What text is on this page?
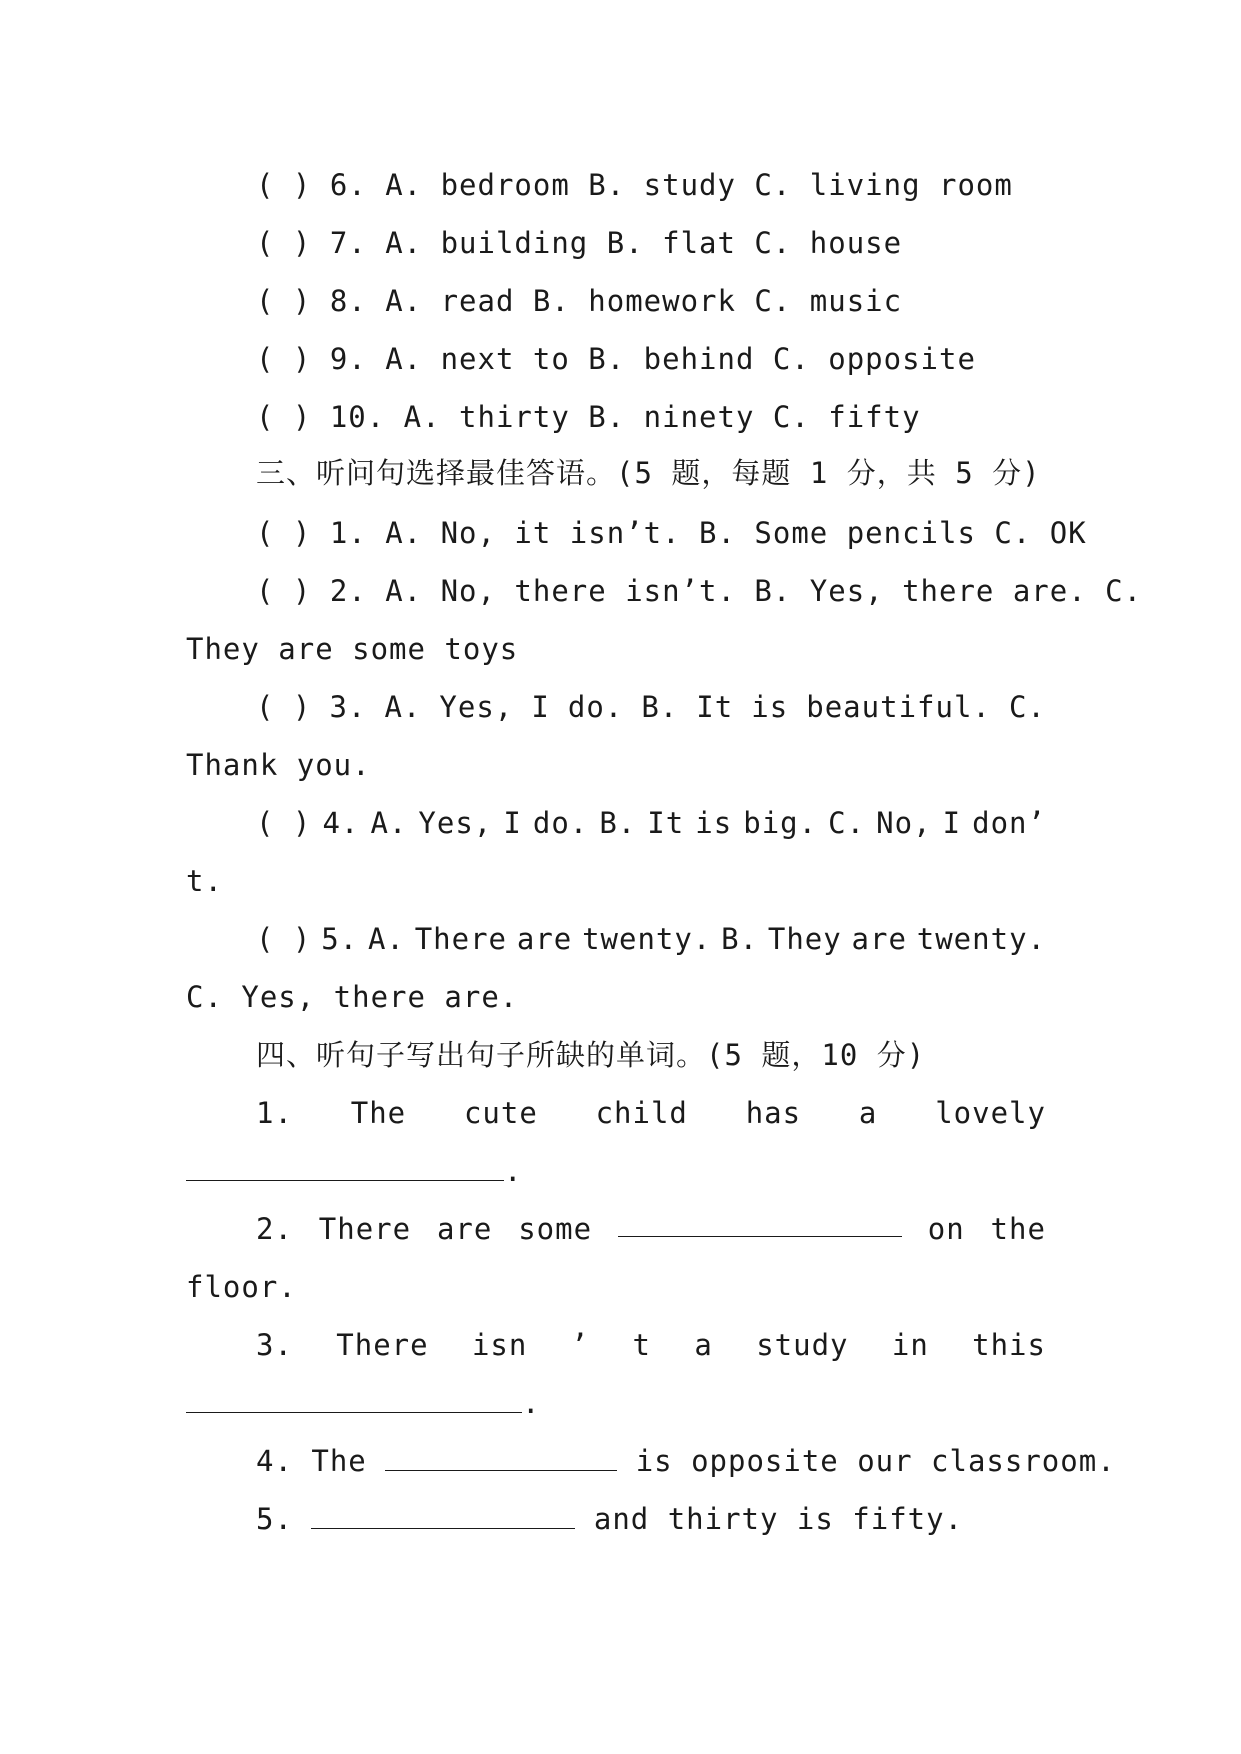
( ) 6. A. bedroom B. study C. living room
( ) 7. A. building B. flat C. house
( ) 8. A. read B. homework C. music
( ) 9. A. next to B. behind C. opposite
( ) 10. A. thirty B. ninety C. fifty
三、听问句选择最佳答语。(5 题，每题 1 分，共 5 分)
( ) 1. A. No, it isn’t. B. Some pencils C. OK
( ) 2. A. No, there isn’t. B. Yes, there are. C.
They are some toys
( ) 3. A. Yes, I do. B. It is beautiful. C.
Thank you.
( ) 4. A. Yes, I do. B. It is big. C. No, I don’
t.
( ) 5. A. There are twenty. B. They are twenty.
C. Yes, there are.
四、听句子写出句子所缺的单词。(5 题，10 分)
1. The cute child has a lovely
.
2. There are some	on the
floor.
3. There isn ’ t a study in this
.
4. The	is opposite our classroom.
5.	and thirty is fifty.
